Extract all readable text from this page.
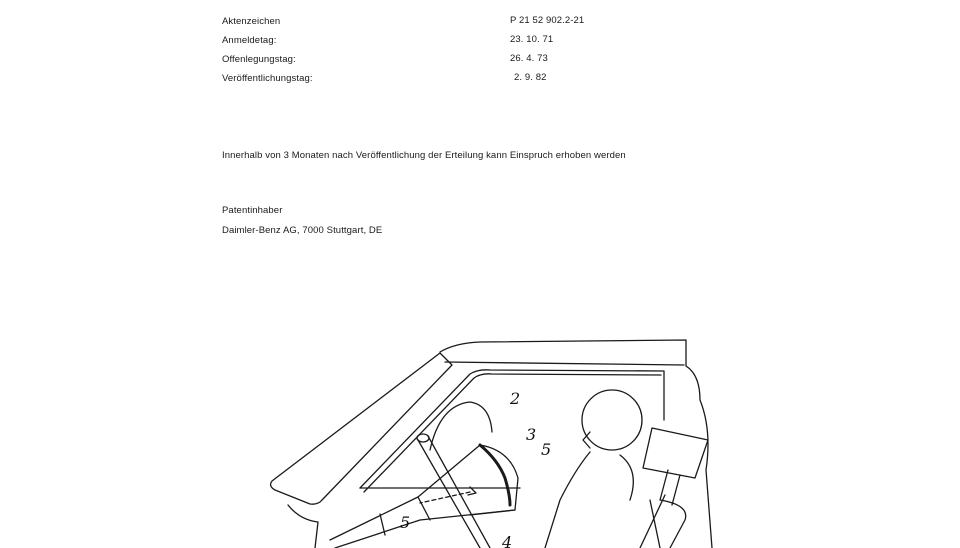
Aktenzeichen	P 21 52 902.2-21
Anmeldetag:	23. 10. 71
Offenlegungstag:	26. 4. 73
Veröffentlichungstag:	2. 9. 82
Innerhalb von 3 Monaten nach Veröffentlichung der Erteilung kann Einspruch erhoben werden
Patentinhaber
Daimler-Benz AG, 7000 Stuttgart, DE
2
3
5
5
4
